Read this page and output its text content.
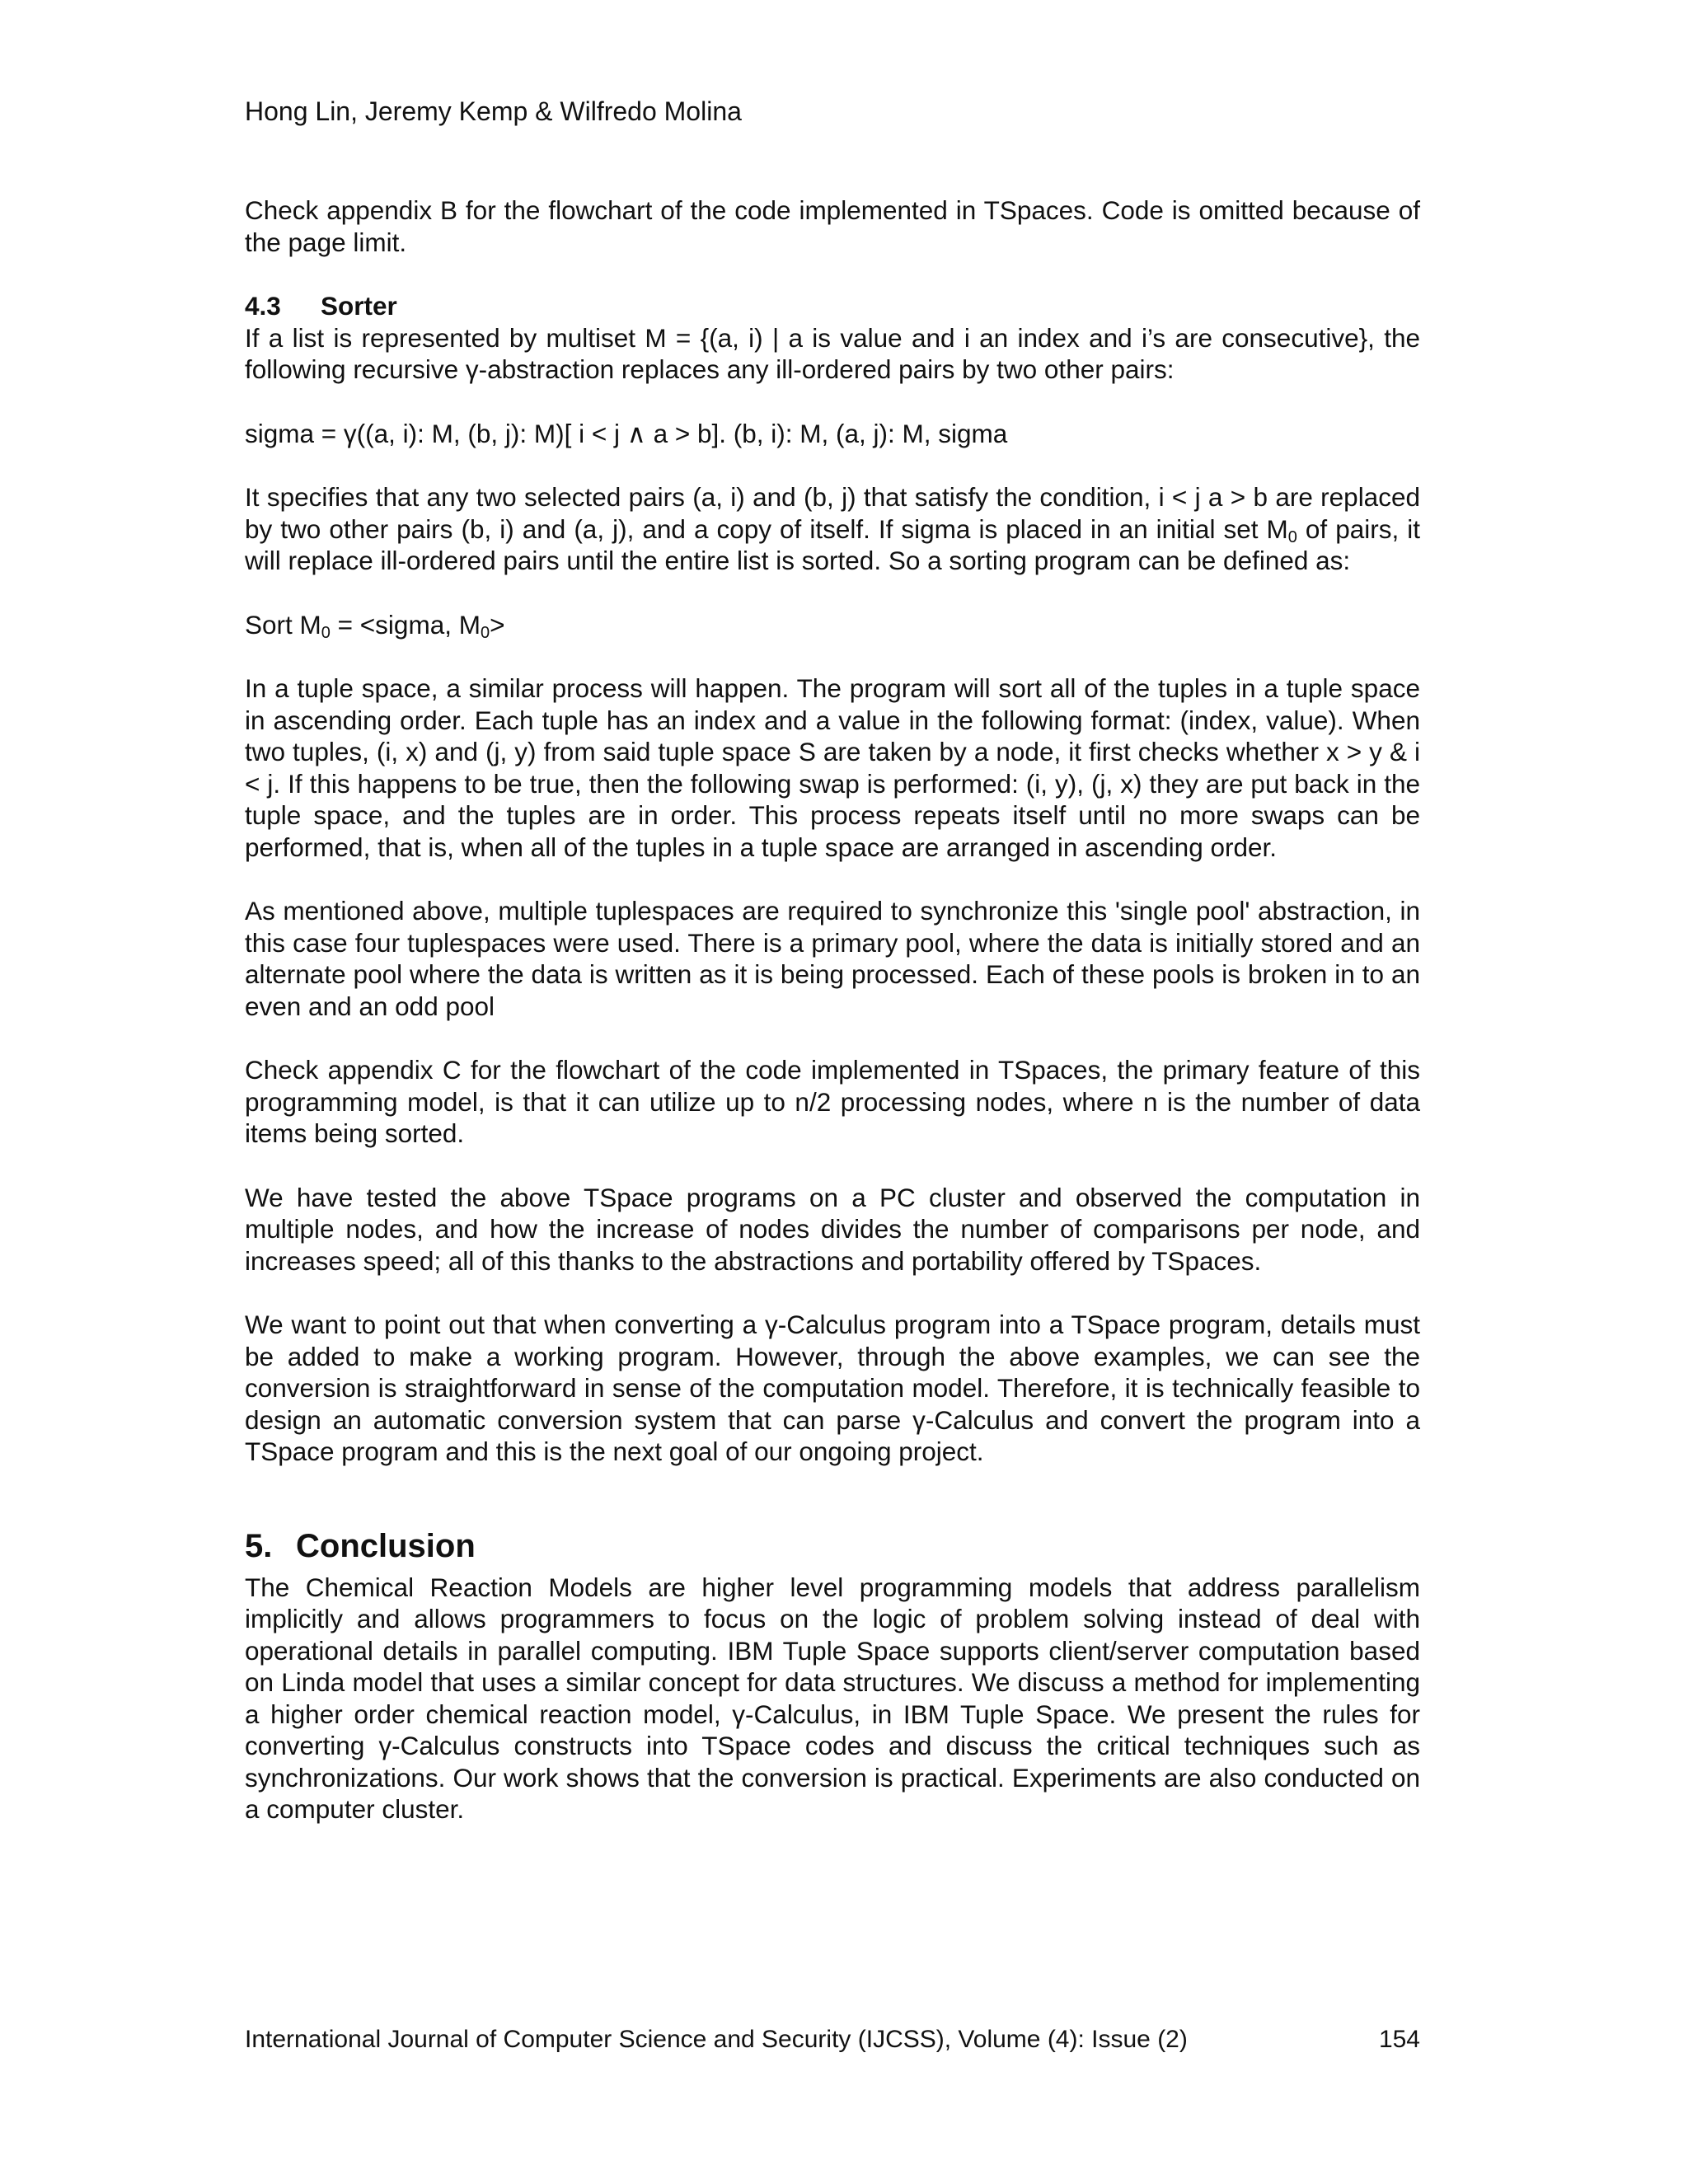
Hong Lin, Jeremy Kemp & Wilfredo Molina

Check appendix B for the flowchart of the code implemented in TSpaces. Code is omitted because of the page limit.

4.3 Sorter

If a list is represented by multiset M = {(a, i) | a is value and i an index and i’s are consecutive}, the following recursive γ-abstraction replaces any ill-ordered pairs by two other pairs:

sigma = γ((a, i): M, (b, j): M)[ i < j ∧ a > b]. (b, i): M, (a, j): M, sigma

It specifies that any two selected pairs (a, i) and (b, j) that satisfy the condition, i < j a > b are replaced by two other pairs (b, i) and (a, j), and a copy of itself. If sigma is placed in an initial set $M_0$ of pairs, it will replace ill-ordered pairs until the entire list is sorted. So a sorting program can be defined as:

Sort $M_0$ = <sigma, $M_0>$

In a tuple space, a similar process will happen. The program will sort all of the tuples in a tuple space in ascending order. Each tuple has an index and a value in the following format: (index, value). When two tuples, (i, x) and (j, y) from said tuple space S are taken by a node, it first checks whether x > y & i < j. If this happens to be true, then the following swap is performed: (i, y), (j, x) they are put back in the tuple space, and the tuples are in order. This process repeats itself until no more swaps can be performed, that is, when all of the tuples in a tuple space are arranged in ascending order.

As mentioned above, multiple tuplespaces are required to synchronize this 'single pool' abstraction, in this case four tuplespaces were used. There is a primary pool, where the data is initially stored and an alternate pool where the data is written as it is being processed. Each of these pools is broken in to an even and an odd pool

Check appendix C for the flowchart of the code implemented in TSpaces, the primary feature of this programming model, is that it can utilize up to n/2 processing nodes, where n is the number of data items being sorted.

We have tested the above TSpace programs on a PC cluster and observed the computation in multiple nodes, and how the increase of nodes divides the number of comparisons per node, and increases speed; all of this thanks to the abstractions and portability offered by TSpaces.

We want to point out that when converting a γ-Calculus program into a TSpace program, details must be added to make a working program. However, through the above examples, we can see the conversion is straightforward in sense of the computation model. Therefore, it is technically feasible to design an automatic conversion system that can parse γ-Calculus and convert the program into a TSpace program and this is the next goal of our ongoing project.

5. Conclusion

The Chemical Reaction Models are higher level programming models that address parallelism implicitly and allows programmers to focus on the logic of problem solving instead of deal with operational details in parallel computing. IBM Tuple Space supports client/server computation based on Linda model that uses a similar concept for data structures. We discuss a method for implementing a higher order chemical reaction model, γ-Calculus, in IBM Tuple Space. We present the rules for converting γ-Calculus constructs into TSpace codes and discuss the critical techniques such as synchronizations. Our work shows that the conversion is practical. Experiments are also conducted on a computer cluster.

International Journal of Computer Science and Security (IJCSS), Volume (4): Issue (2)	154
